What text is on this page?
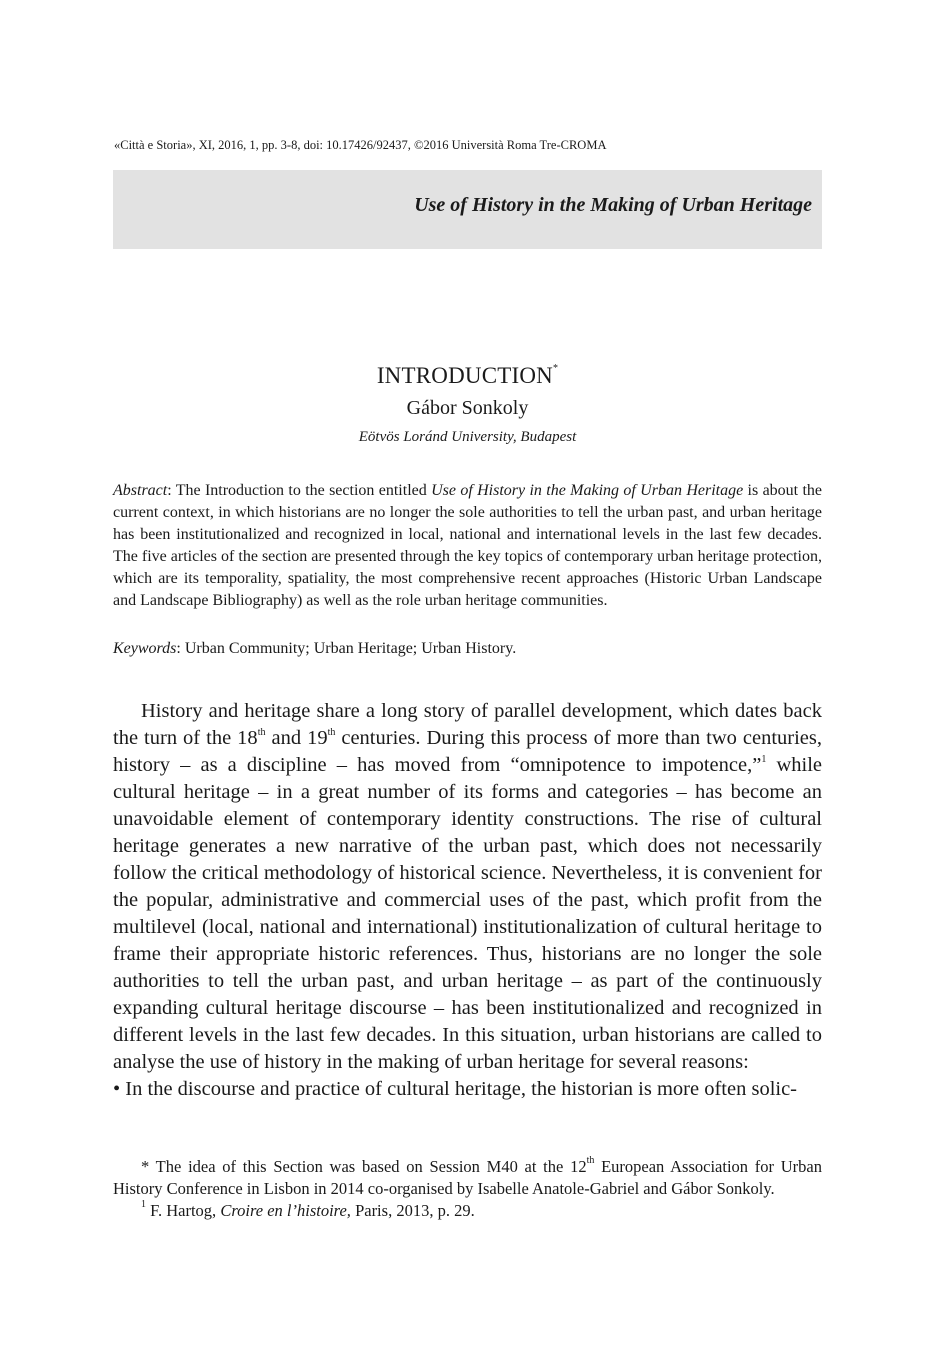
«Città e Storia», XI, 2016, 1, pp. 3-8, doi: 10.17426/92437, ©2016 Università Roma Tre-CROMA
Use of History in the Making of Urban Heritage
INTRODUCTION*
Gábor Sonkoly
Eötvös Loránd University, Budapest
Abstract: The Introduction to the section entitled Use of History in the Making of Urban Heritage is about the current context, in which historians are no longer the sole authorities to tell the urban past, and urban heritage has been institutionalized and recognized in local, national and international levels in the last few decades. The five articles of the section are presented through the key topics of contemporary urban heritage protection, which are its temporality, spatiality, the most comprehensive recent approaches (Historic Urban Landscape and Landscape Bibliography) as well as the role urban heritage communities.
Keywords: Urban Community; Urban Heritage; Urban History.

History and heritage share a long story of parallel development, which dates back the turn of the 18th and 19th centuries. During this process of more than two centuries, history – as a discipline – has moved from “omnipotence to impotence,”$^1$ while cultural heritage – in a great number of its forms and categories – has become an unavoidable element of contemporary identity constructions. The rise of cultural heritage generates a new narrative of the urban past, which does not necessarily follow the critical methodology of historical science. Nevertheless, it is convenient for the popular, administrative and commercial uses of the past, which profit from the multilevel (local, national and international) institutionalization of cultural heritage to frame their appropriate historic references. Thus, historians are no longer the sole authorities to tell the urban past, and urban heritage – as part of the continuously expanding cultural heritage discourse – has been institutionalized and recognized in different levels in the last few decades. In this situation, urban historians are called to analyse the use of history in the making of urban heritage for several reasons:

• In the discourse and practice of cultural heritage, the historian is more often solic-

* The idea of this Section was based on Session M40 at the 12th European Association for Urban History Conference in Lisbon in 2014 co-organised by Isabelle Anatole-Gabriel and Gábor Sonkoly.

$^1$ F. Hartog, Croire en l’histoire, Paris, 2013, p. 29.
